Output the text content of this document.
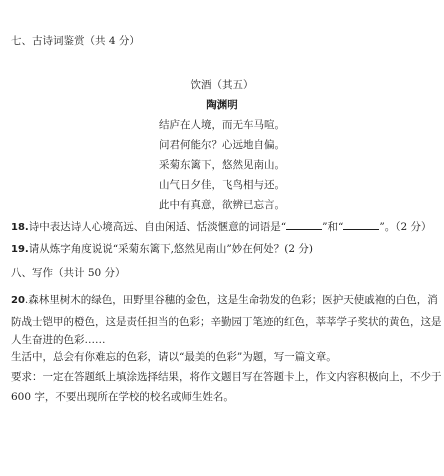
七、古诗词鉴赏（共 4 分）
饮酒（其五）
陶渊明
结庐在人境，而无车马喧。
问君何能尔？心远地自偏。
采菊东篱下，悠然见南山。
山气日夕佳，飞鸟相与还。
此中有真意，欲辨已忘言。
18.诗中表达诗人心境高远、自由闲适、恬淡愜意的词语是“	”和“	”。（2 分）
19.请从炼字角度说说“采菊东篱下,悠然见南山”妙在何处？(2 分)
八、写作（共计 50 分）
20.森林里树木的绿色，田野里谷穗的金色，这是生命勃发的色彩；医护天使戚袍的白色，消
防战士铠甲的橙色，这是责任担当的色彩；辛勤园丁笔迹的红色，莘莘学子奖状的黄色，这是
人生奋进的色彩……
生活中，总会有你难忘的色彩，请以“最美的色彩”为题，写一篇文章。
要求：一定在答题纸上填涂选择结果，将作文题目写在答题卡上，作文内容积极向上，不少于
600 字，不要出现所在学校的校名或师生姓名。
